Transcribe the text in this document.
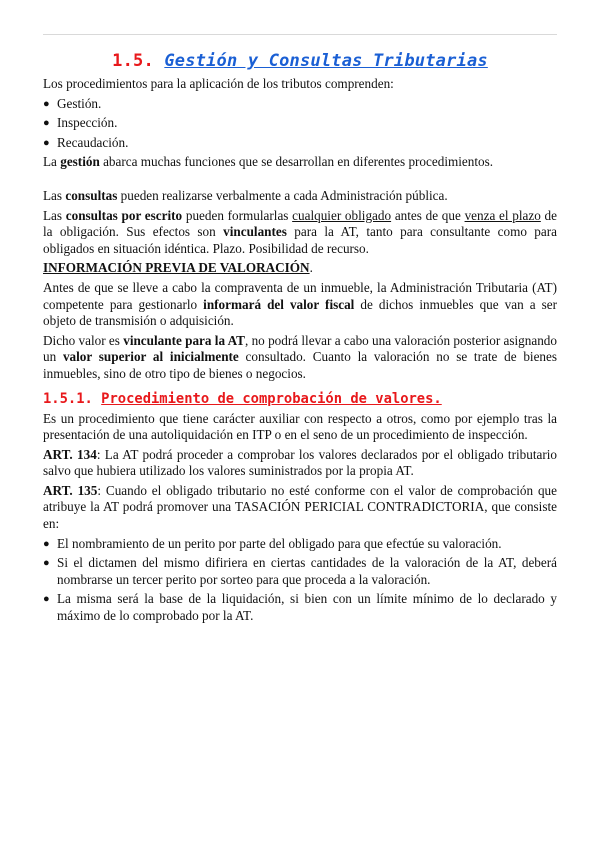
1.5. Gestión y Consultas Tributarias

Los procedimientos para la aplicación de los tributos comprenden:

● Gestión.
● Inspección.
● Recaudación.

La gestión abarca muchas funciones que se desarrollan en diferentes procedimientos.

Las consultas pueden realizarse verbalmente a cada Administración pública.

Las consultas por escrito pueden formularlas cualquier obligado antes de que venza el plazo de la obligación. Sus efectos son vinculantes para la AT, tanto para consultante como para obligados en situación idéntica. Plazo. Posibilidad de recurso.

INFORMACIÓN PREVIA DE VALORACIÓN.

Antes de que se lleve a cabo la compraventa de un inmueble, la Administración Tributaria (AT) competente para gestionarlo informará del valor fiscal de dichos inmuebles que van a ser objeto de transmisión o adquisición.

Dicho valor es vinculante para la AT, no podrá llevar a cabo una valoración posterior asignando un valor superior al inicialmente consultado. Cuanto la valoración no se trate de bienes inmuebles, sino de otro tipo de bienes o negocios.

1.5.1. Procedimiento de comprobación de valores.

Es un procedimiento que tiene carácter auxiliar con respecto a otros, como por ejemplo tras la presentación de una autoliquidación en ITP o en el seno de un procedimiento de inspección.

ART. 134: La AT podrá proceder a comprobar los valores declarados por el obligado tributario salvo que hubiera utilizado los valores suministrados por la propia AT.

ART. 135: Cuando el obligado tributario no esté conforme con el valor de comprobación que atribuye la AT podrá promover una TASACIÓN PERICIAL CONTRADICTORIA, que consiste en:

● El nombramiento de un perito por parte del obligado para que efectúe su valoración.
● Si el dictamen del mismo difiriera en ciertas cantidades de la valoración de la AT, deberá nombrarse un tercer perito por sorteo para que proceda a la valoración.
● La misma será la base de la liquidación, si bien con un límite mínimo de lo declarado y máximo de lo comprobado por la AT.
